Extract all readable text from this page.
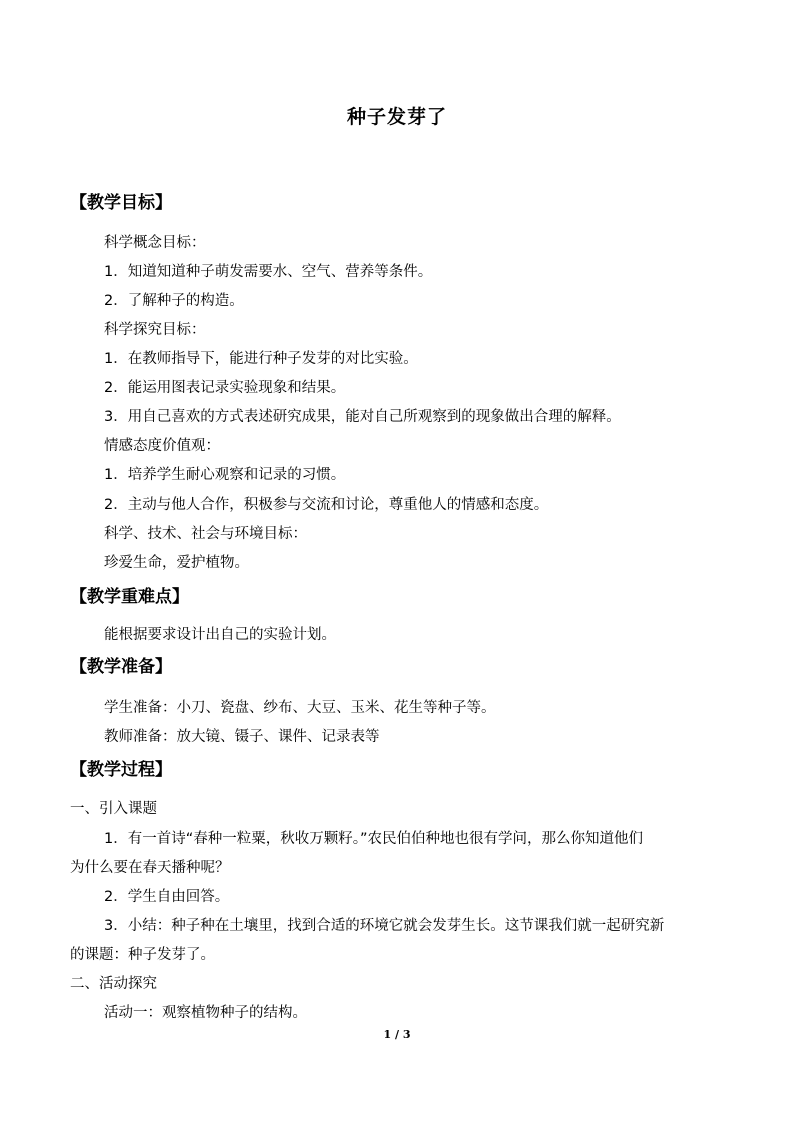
种子发芽了
【教学目标】
科学概念目标：
1．知道知道种子萌发需要水、空气、营养等条件。
2．了解种子的构造。
科学探究目标：
1．在教师指导下，能进行种子发芽的对比实验。
2．能运用图表记录实验现象和结果。
3．用自己喜欢的方式表述研究成果，能对自己所观察到的现象做出合理的解释。
情感态度价值观：
1．培养学生耐心观察和记录的习惯。
2．主动与他人合作，积极参与交流和讨论，尊重他人的情感和态度。
科学、技术、社会与环境目标：
珍爱生命，爱护植物。
【教学重难点】
能根据要求设计出自己的实验计划。
【教学准备】
学生准备：小刀、瓷盘、纱布、大豆、玉米、花生等种子等。
教师准备：放大镜、镊子、课件、记录表等
【教学过程】
一、引入课题
1．有一首诗“春种一粒粟，秋收万颗籽。”农民伯伯种地也很有学问，那么你知道他们
为什么要在春天播种呢？
2．学生自由回答。
3．小结：种子种在土壤里，找到合适的环境它就会发芽生长。这节课我们就一起研究新
的课题：种子发芽了。
二、活动探究
活动一：观察植物种子的结构。
1 / 3
